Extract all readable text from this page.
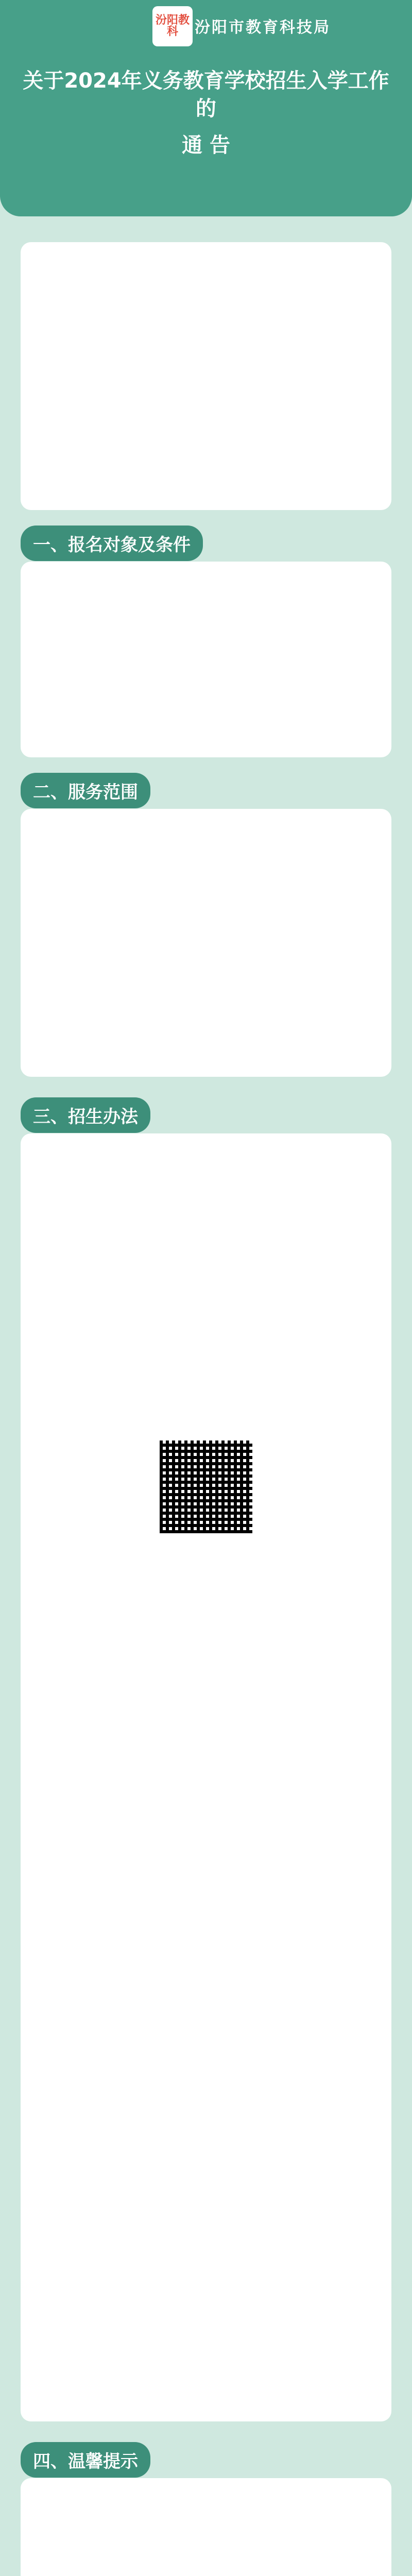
汾阳教科	汾阳市教育科技局
关于2024年义务教育学校招生入学工作的
通 告
一、报名对象及条件
二、服务范围
三、招生办法
四、温馨提示
